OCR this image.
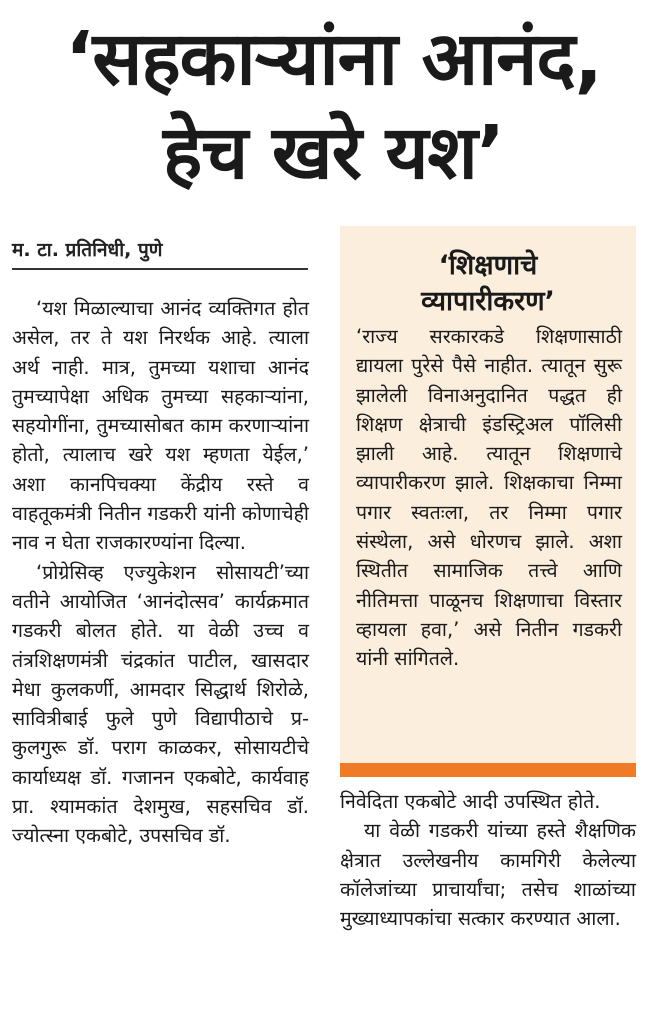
‘सहकाऱ्यांना आनंद,
हेच खरे यश’
म. टा. प्रतिनिधी, पुणे

‘यश मिळाल्याचा आनंद व्यक्तिगत होत असेल, तर ते यश निरर्थक आहे. त्याला अर्थ नाही. मात्र, तुमच्या यशाचा आनंद तुमच्यापेक्षा अधिक तुमच्या सहकाऱ्यांना, सहयोगींना, तुमच्यासोबत काम करणाऱ्यांना होतो, त्यालाच खरे यश म्हणता येईल,’ अशा कानपिचक्या केंद्रीय रस्ते व वाहतूकमंत्री नितीन गडकरी यांनी कोणाचेही नाव न घेता राजकारण्यांना दिल्या.

‘प्रोग्रेसिव्ह एज्युकेशन सोसायटी’च्या वतीने आयोजित ‘आनंदोत्सव’ कार्यक्रमात गडकरी बोलत होते. या वेळी उच्च व तंत्रशिक्षणमंत्री चंद्रकांत पाटील, खासदार मेधा कुलकर्णी, आमदार सिद्धार्थ शिरोळे, सावित्रीबाई फुले पुणे विद्यापीठाचे प्र-कुलगुरू डॉ. पराग काळकर, सोसायटीचे कार्याध्यक्ष डॉ. गजानन एकबोटे, कार्यवाह प्रा. श्यामकांत देशमुख, सहसचिव डॉ. ज्योत्स्ना एकबोटे, उपसचिव डॉ.

‘शिक्षणाचे
व्यापारीकरण’
‘राज्य सरकारकडे शिक्षणासाठी द्यायला पुरेसे पैसे नाहीत. त्यातून सुरू झालेली विनाअनुदानित पद्धत ही शिक्षण क्षेत्राची इंडस्ट्रिअल पॉलिसी झाली आहे. त्यातून शिक्षणाचे व्यापारीकरण झाले. शिक्षकाचा निम्मा पगार स्वतःला, तर निम्मा पगार संस्थेला, असे धोरणच झाले. अशा स्थितीत सामाजिक तत्त्वे आणि नीतिमत्ता पाळूनच शिक्षणाचा विस्तार व्हायला हवा,’ असे नितीन गडकरी यांनी सांगितले.

निवेदिता एकबोटे आदी उपस्थित होते.

या वेळी गडकरी यांच्या हस्ते शैक्षणिक क्षेत्रात उल्लेखनीय कामगिरी केलेल्या कॉलेजांच्या प्राचार्यांचा; तसेच शाळांच्या मुख्याध्यापकांचा सत्कार करण्यात आला.
